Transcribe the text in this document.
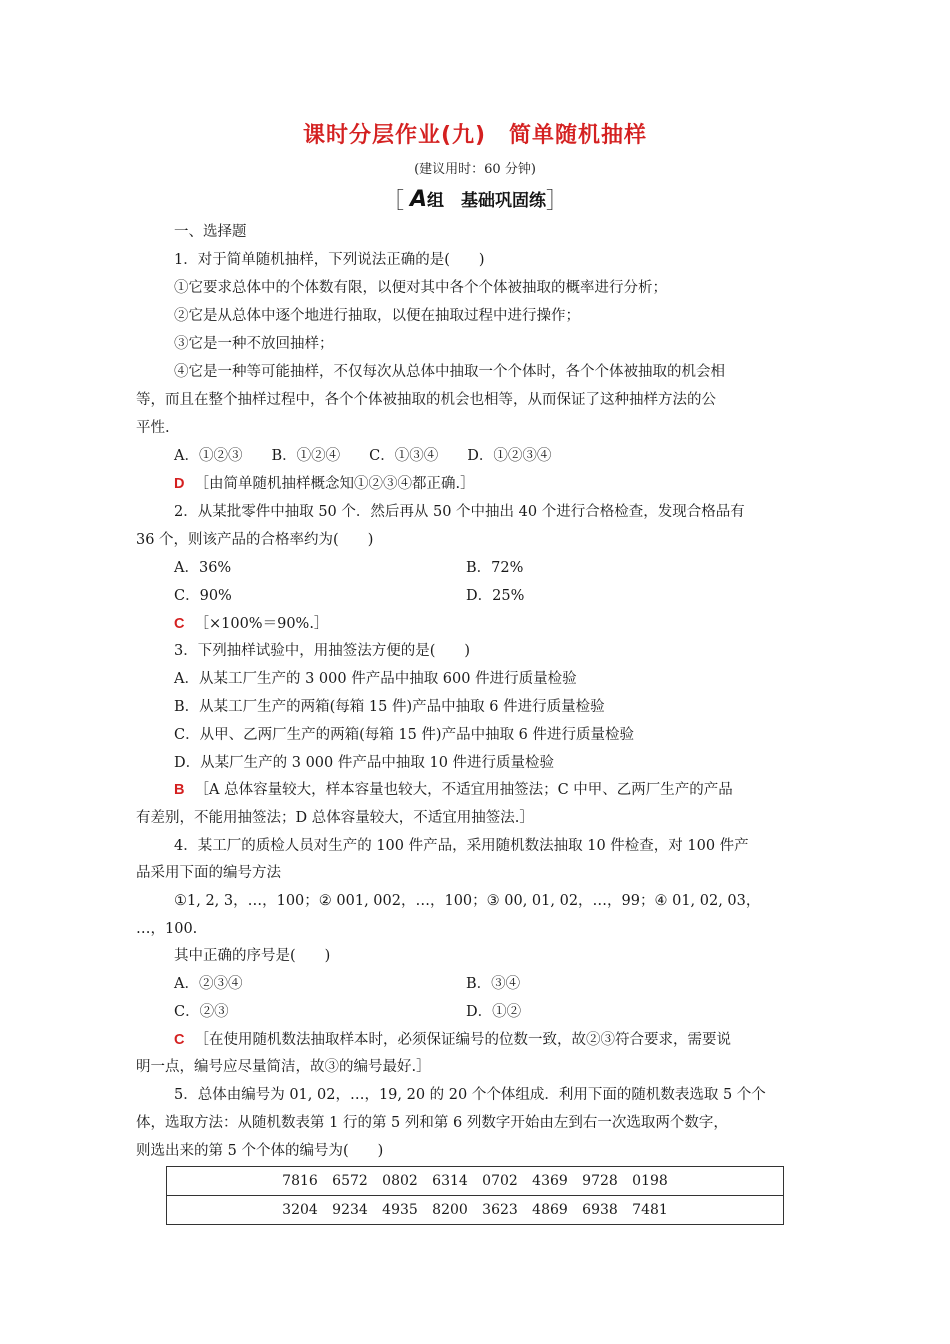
课时分层作业(九)　简单随机抽样
(建议用时：60 分钟)
［ A组　基础巩固练］
一、选择题
1．对于简单随机抽样，下列说法正确的是(　　)
①它要求总体中的个体数有限，以便对其中各个个体被抽取的概率进行分析；
②它是从总体中逐个地进行抽取，以便在抽取过程中进行操作；
③它是一种不放回抽样；
④它是一种等可能抽样，不仅每次从总体中抽取一个个体时，各个个体被抽取的机会相
等，而且在整个抽样过程中，各个个体被抽取的机会也相等，从而保证了这种抽样方法的公
平性.
A．①②③　　B．①②④　　C．①③④　　D．①②③④
D ［由简单随机抽样概念知①②③④都正确.］
2．从某批零件中抽取 50 个．然后再从 50 个中抽出 40 个进行合格检查，发现合格品有
36 个，则该产品的合格率约为(　　)
A．36%	B．72%
C．90%	D．25%
C ［×100%＝90%.］
3．下列抽样试验中，用抽签法方便的是(　　)
A．从某工厂生产的 3 000 件产品中抽取 600 件进行质量检验
B．从某工厂生产的两箱(每箱 15 件)产品中抽取 6 件进行质量检验
C．从甲、乙两厂生产的两箱(每箱 15 件)产品中抽取 6 件进行质量检验
D．从某厂生产的 3 000 件产品中抽取 10 件进行质量检验
B ［A 总体容量较大，样本容量也较大，不适宜用抽签法；C 中甲、乙两厂生产的产品
有差别，不能用抽签法；D 总体容量较大，不适宜用抽签法.］
4．某工厂的质检人员对生产的 100 件产品，采用随机数法抽取 10 件检查，对 100 件产
品采用下面的编号方法
①1, 2, 3，…，100；② 001, 002，…，100；③ 00, 01, 02，…，99；④ 01, 02, 03，
…，100.
其中正确的序号是(　　)
A．②③④	B．③④
C．②③	D．①②
C ［在使用随机数法抽取样本时，必须保证编号的位数一致，故②③符合要求，需要说
明一点，编号应尽量简洁，故③的编号最好.］
5．总体由编号为 01, 02，…，19, 20 的 20 个个体组成．利用下面的随机数表选取 5 个个
体，选取方法：从随机数表第 1 行的第 5 列和第 6 列数字开始由左到右一次选取两个数字，
则选出来的第 5 个个体的编号为(　　)
	7816	6572	0802	6314	0702	4369	9728	0198	
	3204	9234	4935	8200	3623	4869	6938	7481	
